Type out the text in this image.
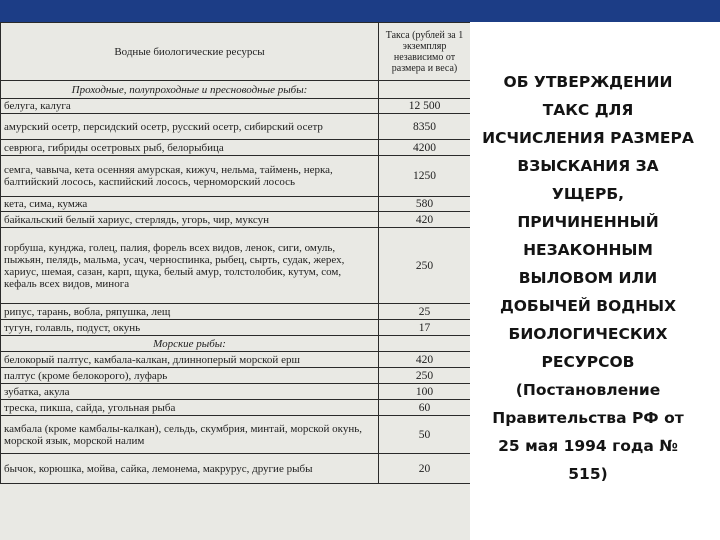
Водные биологические ресурсы	Такса (рублей за 1 экземпляр независимо от размера и веса)
Проходные, полупроходные и пресноводные рыбы:	
белуга, калуга	12 500
амурский осетр, персидский осетр, русский осетр, сибирский осетр	8350
севрюга, гибриды осетровых рыб, белорыбица	4200
семга, чавыча, кета осенняя амурская, кижуч, нельма, таймень, нерка, балтийский лосось, каспийский лосось, черноморский лосось	1250
кета, сима, кумжа	580
байкальский белый хариус, стерлядь, угорь, чир, муксун	420
горбуша, кунджа, голец, палия, форель всех видов, ленок, сиги, омуль, пыжьян, пелядь, мальма, усач, черноспинка, рыбец, сырть, судак, жерех, хариус, шемая, сазан, карп, щука, белый амур, толстолобик, кутум, сом, кефаль всех видов, минога	250
рипус, тарань, вобла, ряпушка, лещ	25
тугун, голавль, подуст, окунь	17
Морские рыбы:	
белокорый палтус, камбала-калкан, длинноперый морской ерш	420
палтус (кроме белокорого), луфарь	250
зубатка, акула	100
треска, пикша, сайда, угольная рыба	60
камбала (кроме камбалы-калкан), сельдь, скумбрия, минтай, морской окунь, морской язык, морской налим	50
бычок, корюшка, мойва, сайка, лемонема, макрурус, другие рыбы	20
ОБ УТВЕРЖДЕНИИ ТАКС ДЛЯ ИСЧИСЛЕНИЯ РАЗМЕРА ВЗЫСКАНИЯ ЗА УЩЕРБ, ПРИЧИНЕННЫЙ НЕЗАКОННЫМ ВЫЛОВОМ ИЛИ ДОБЫЧЕЙ ВОДНЫХ БИОЛОГИЧЕСКИХ РЕСУРСОВ
(Постановление Правительства РФ от 25 мая 1994 года № 515)
